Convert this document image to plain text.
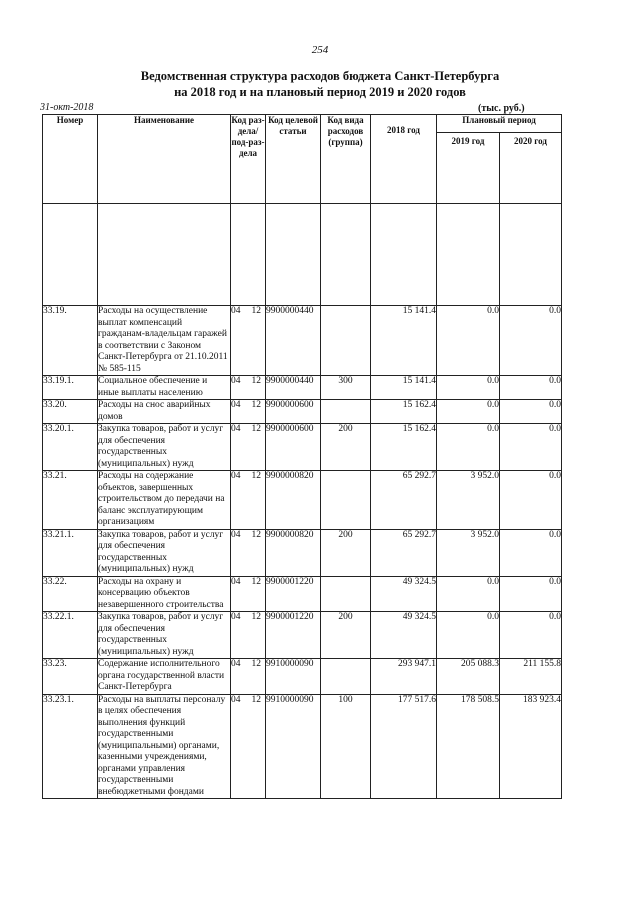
254
Ведомственная структура расходов бюджета Санкт-Петербурга
на 2018 год и на плановый период 2019 и 2020 годов
31-окт-2018	(тыс. руб.)
Номер	Наименование	Код раз-дела/ под-раз-дела	Код целевой статьи	Код вида расходов (группа)	2018 год	Плановый период	
						2019 год	2020 год

33.19.	Расходы на осуществление выплат компенсаций гражданам-владельцам гаражей в соответствии с Законом Санкт-Петербурга от 21.10.2011 № 585-115	04 12	9900000440		15 141.4	0.0	0.0
33.19.1.	Социальное обеспечение и иные выплаты населению	04 12	9900000440	300	15 141.4	0.0	0.0
33.20.	Расходы на снос аварийных домов	04 12	9900000600		15 162.4	0.0	0.0
33.20.1.	Закупка товаров, работ и услуг для обеспечения государственных (муниципальных) нужд	04 12	9900000600	200	15 162.4	0.0	0.0
33.21.	Расходы на содержание объектов, завершенных строительством до передачи на баланс эксплуатирующим организациям	04 12	9900000820		65 292.7	3 952.0	0.0
33.21.1.	Закупка товаров, работ и услуг для обеспечения государственных (муниципальных) нужд	04 12	9900000820	200	65 292.7	3 952.0	0.0
33.22.	Расходы на охрану и консервацию объектов незавершенного строительства	04 12	9900001220		49 324.5	0.0	0.0
33.22.1.	Закупка товаров, работ и услуг для обеспечения государственных (муниципальных) нужд	04 12	9900001220	200	49 324.5	0.0	0.0
33.23.	Содержание исполнительного органа государственной власти Санкт-Петербурга	04 12	9910000090		293 947.1	205 088.3	211 155.8
33.23.1.	Расходы на выплаты персоналу в целях обеспечения выполнения функций государственными (муниципальными) органами, казенными учреждениями, органами управления государственными внебюджетными фондами	04 12	9910000090	100	177 517.6	178 508.5	183 923.4
